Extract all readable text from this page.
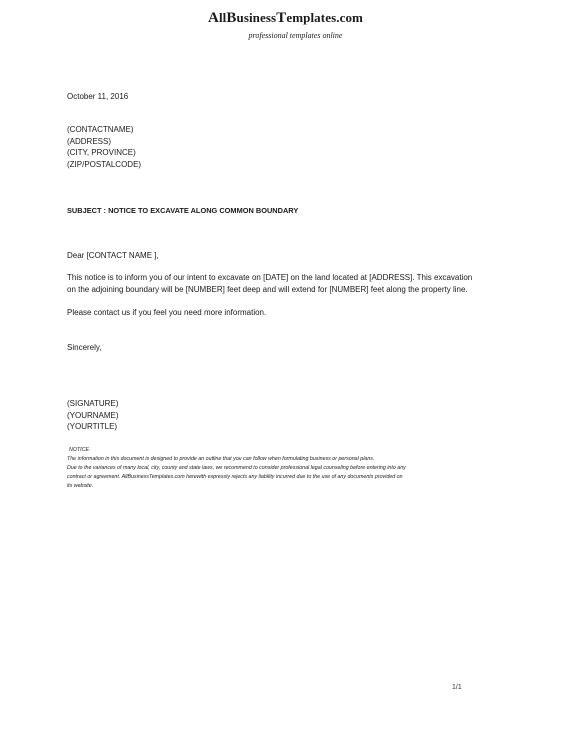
AllBusinessTemplates.com
professional templates online
October 11, 2016
(CONTACTNAME)
(ADDRESS)
(CITY, PROVINCE)
(ZIP/POSTALCODE)
SUBJECT : NOTICE TO EXCAVATE ALONG COMMON BOUNDARY
Dear [CONTACT NAME ],
This notice is to inform you of our intent to excavate on [DATE] on the land located at [ADDRESS]. This excavation
on the adjoining boundary will be [NUMBER] feet deep and will extend for [NUMBER] feet along the property line.
Please contact us if you feel you need more information.
Sincerely,
(SIGNATURE)
(YOURNAME)
(YOURTITLE)
NOTICE
The information in this document is designed to provide an outline that you can follow when formulating business or personal plans.
Due to the variances of many local, city, county and state laws, we recommend to consider professional legal counseling before entering into any
contract or agreement. AllBusinessTemplates.com herewith expressly rejects any liability incurred due to the use of any documents provided on
its website.
1/1
